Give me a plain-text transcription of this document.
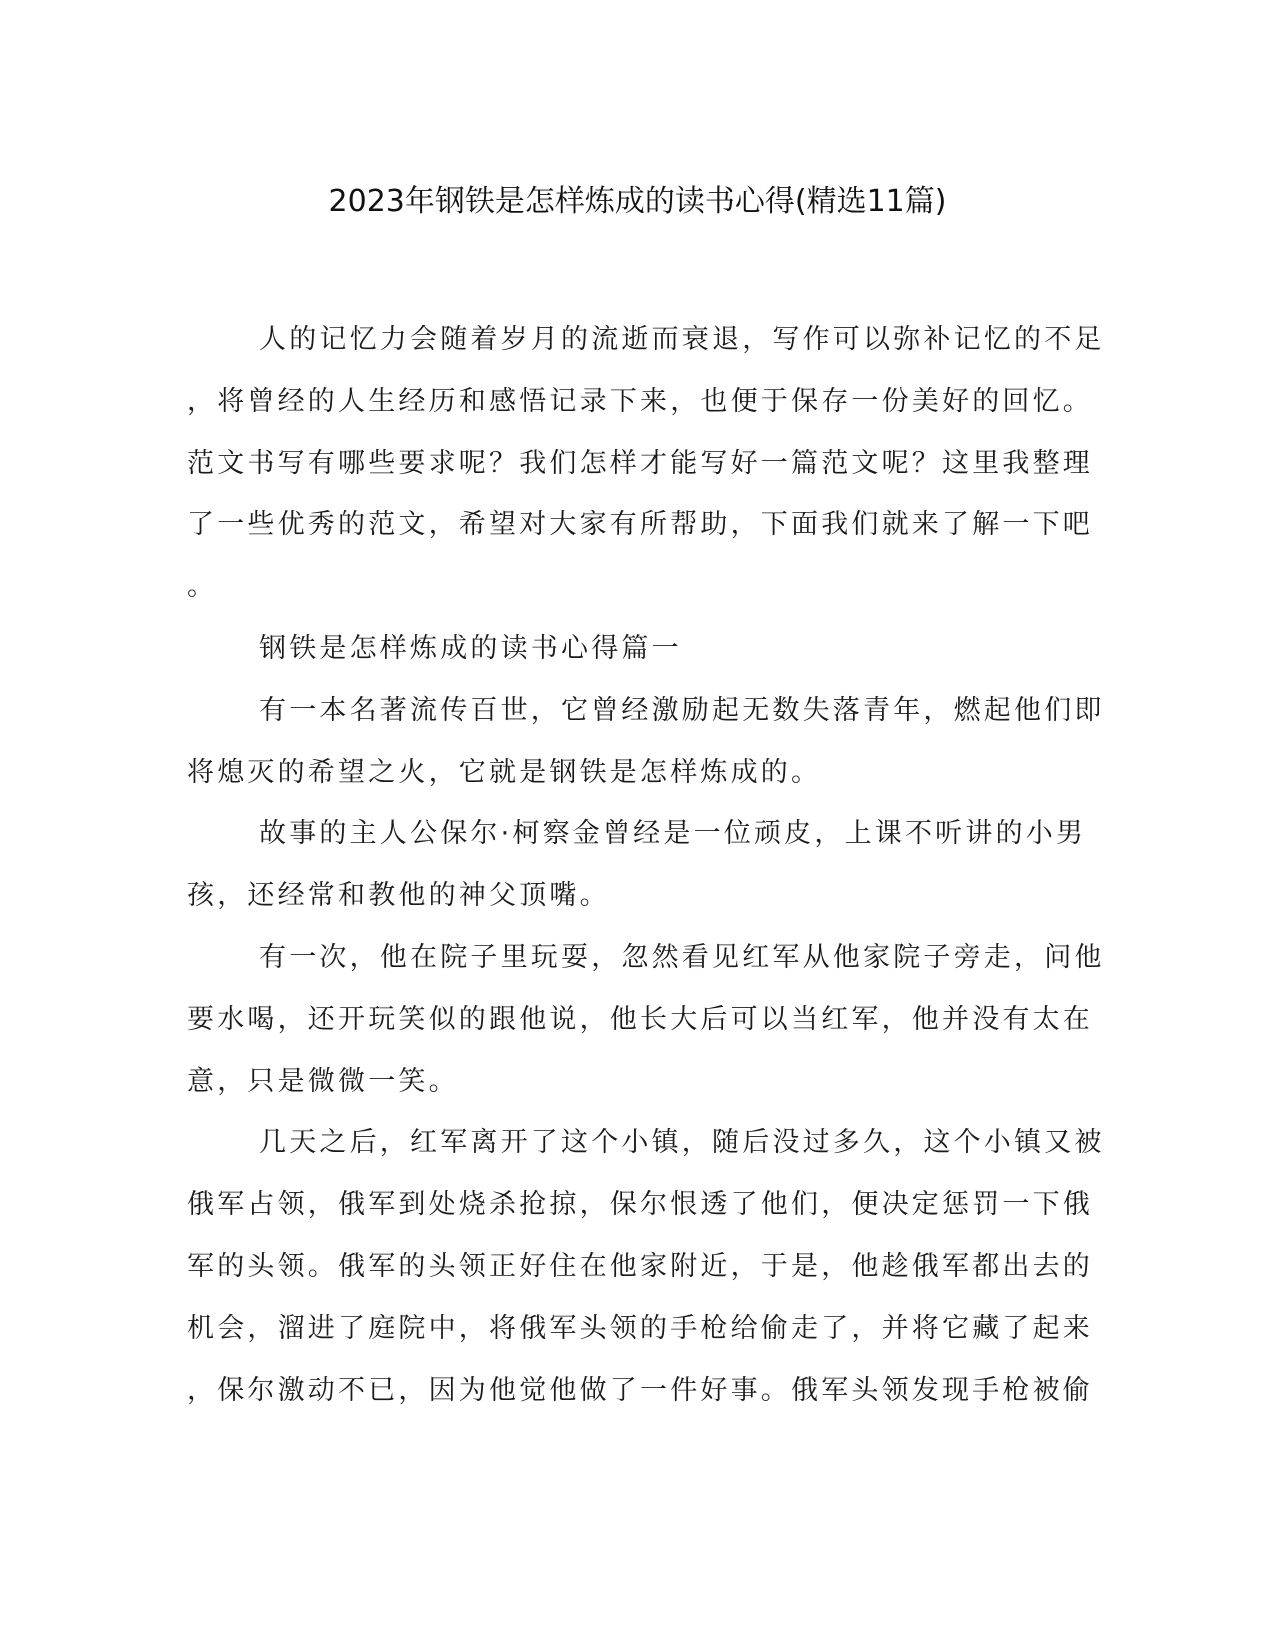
2023年钢铁是怎样炼成的读书心得(精选11篇)
人的记忆力会随着岁月的流逝而衰退，写作可以弥补记忆的不足
，将曾经的人生经历和感悟记录下来，也便于保存一份美好的回忆。
范文书写有哪些要求呢？我们怎样才能写好一篇范文呢？这里我整理
了一些优秀的范文，希望对大家有所帮助，下面我们就来了解一下吧
。
钢铁是怎样炼成的读书心得篇一
有一本名著流传百世，它曾经激励起无数失落青年，燃起他们即
将熄灭的希望之火，它就是钢铁是怎样炼成的。
故事的主人公保尔·柯察金曾经是一位顽皮，上课不听讲的小男
孩，还经常和教他的神父顶嘴。
有一次，他在院子里玩耍，忽然看见红军从他家院子旁走，问他
要水喝，还开玩笑似的跟他说，他长大后可以当红军，他并没有太在
意，只是微微一笑。
几天之后，红军离开了这个小镇，随后没过多久，这个小镇又被
俄军占领，俄军到处烧杀抢掠，保尔恨透了他们，便决定惩罚一下俄
军的头领。俄军的头领正好住在他家附近，于是，他趁俄军都出去的
机会，溜进了庭院中，将俄军头领的手枪给偷走了，并将它藏了起来
，保尔激动不已，因为他觉他做了一件好事。俄军头领发现手枪被偷
